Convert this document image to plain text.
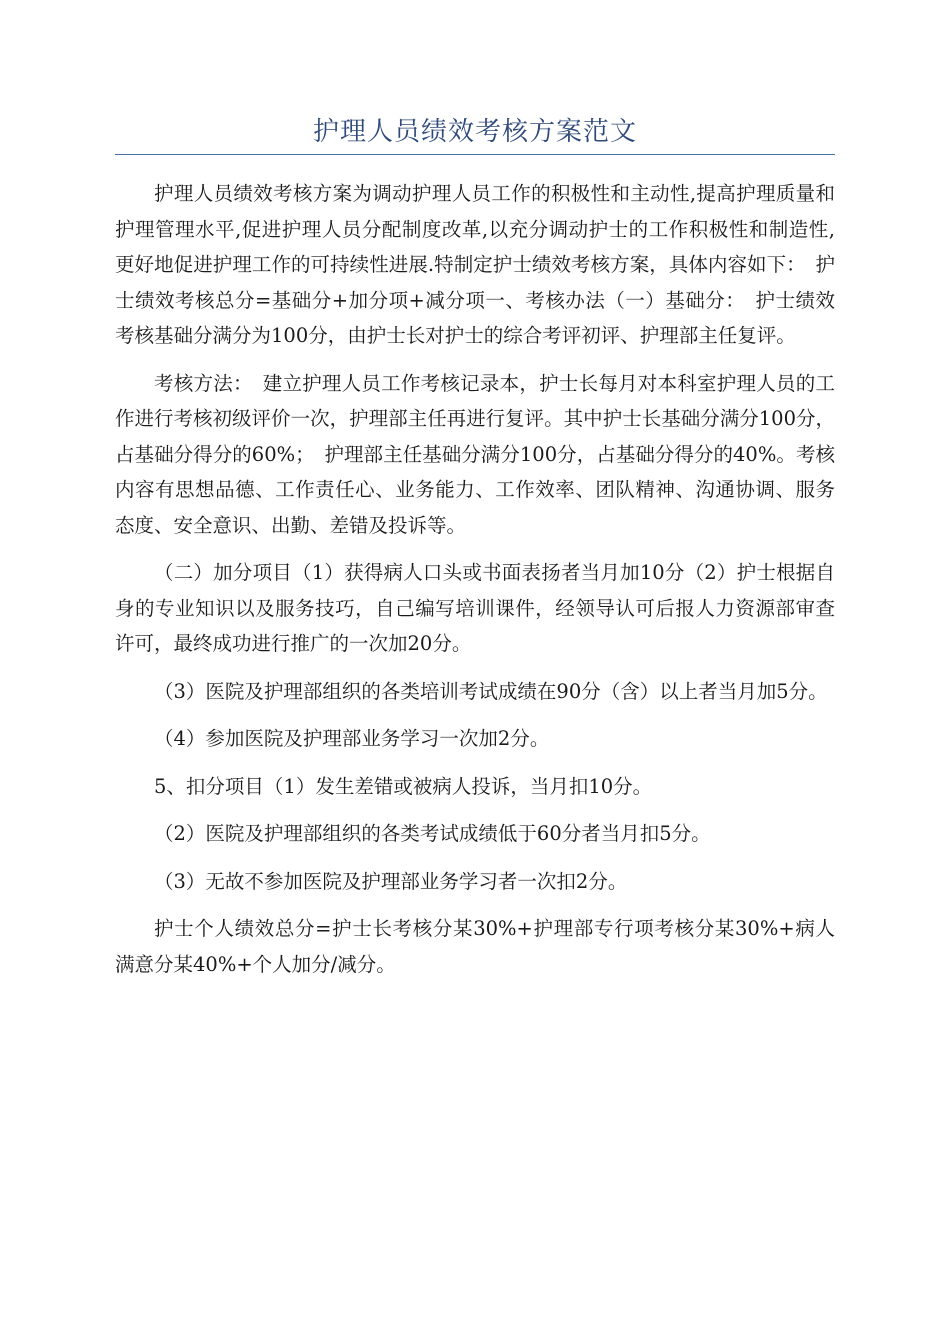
护理人员绩效考核方案范文

护理人员绩效考核方案为调动护理人员工作的积极性和主动性,提高护理质量和护理管理水平,促进护理人员分配制度改革,以充分调动护士的工作积极性和制造性,更好地促进护理工作的可持续性进展.特制定护士绩效考核方案，具体内容如下：　护士绩效考核总分=基础分+加分项+减分项一、考核办法（一）基础分：　护士绩效考核基础分满分为100分，由护士长对护士的综合考评初评、护理部主任复评。

考核方法：　建立护理人员工作考核记录本，护士长每月对本科室护理人员的工作进行考核初级评价一次，护理部主任再进行复评。其中护士长基础分满分100分，占基础分得分的60%；　护理部主任基础分满分100分，占基础分得分的40%。考核内容有思想品德、工作责任心、业务能力、工作效率、团队精神、沟通协调、服务态度、安全意识、出勤、差错及投诉等。

（二）加分项目（1）获得病人口头或书面表扬者当月加10分（2）护士根据自身的专业知识以及服务技巧，自己编写培训课件，经领导认可后报人力资源部审查许可，最终成功进行推广的一次加20分。

（3）医院及护理部组织的各类培训考试成绩在90分（含）以上者当月加5分。

（4）参加医院及护理部业务学习一次加2分。

5、扣分项目（1）发生差错或被病人投诉，当月扣10分。

（2）医院及护理部组织的各类考试成绩低于60分者当月扣5分。

（3）无故不参加医院及护理部业务学习者一次扣2分。

护士个人绩效总分=护士长考核分某30%+护理部专行项考核分某30%+病人满意分某40%+个人加分/减分。
